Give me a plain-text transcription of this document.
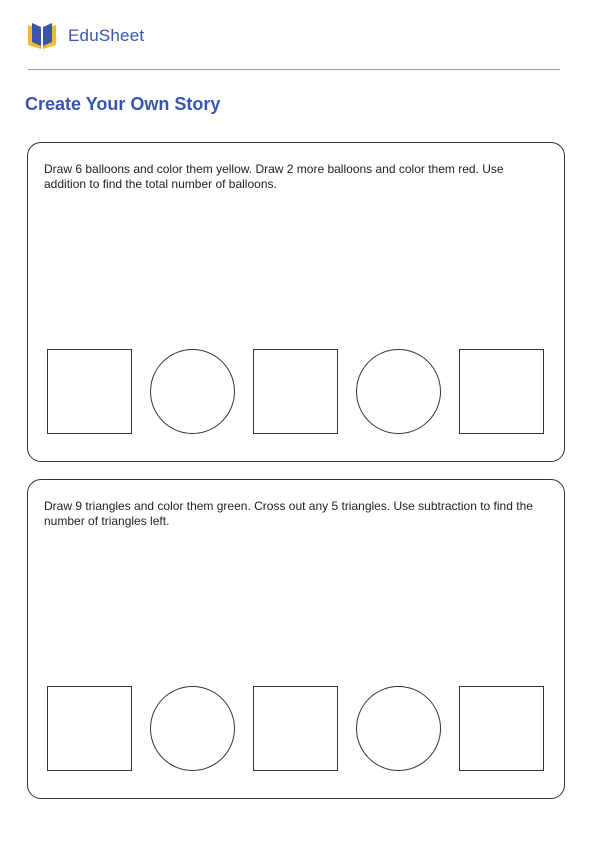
EduSheet
Create Your Own Story

Draw 6 balloons and color them yellow. Draw 2 more balloons and color them red. Use addition to find the total number of balloons.

Draw 9 triangles and color them green. Cross out any 5 triangles. Use subtraction to find the number of triangles left.
